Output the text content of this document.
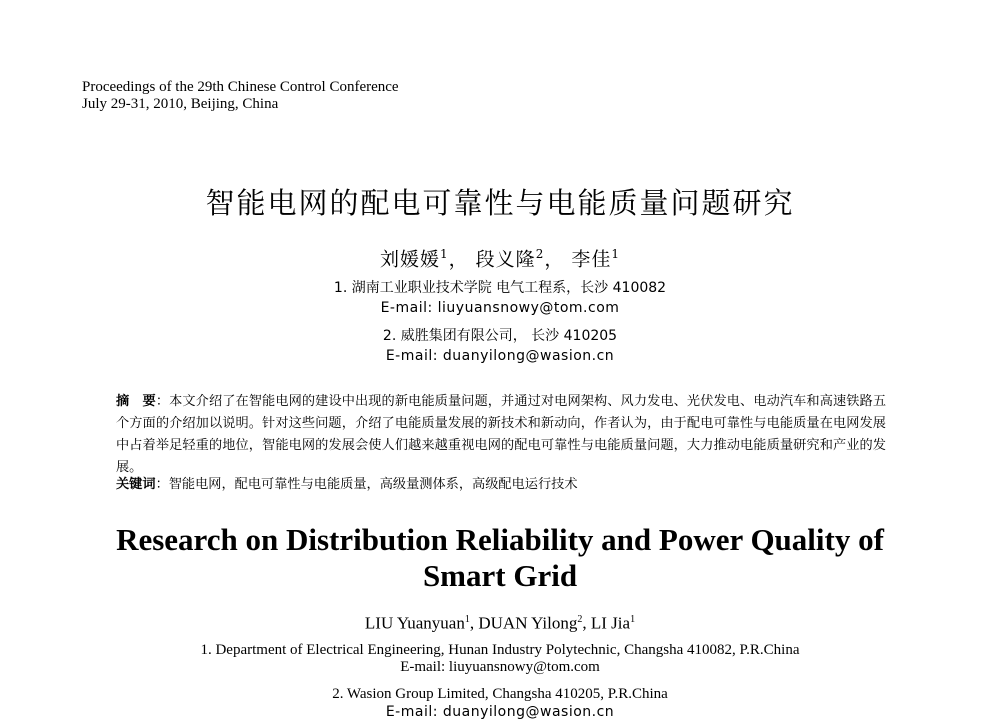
Proceedings of the 29th Chinese Control Conference
July 29-31, 2010, Beijing, China
智能电网的配电可靠性与电能质量问题研究
刘媛媛$^1$， 段义隆$^2$， 李佳$^1$
1. 湖南工业职业技术学院 电气工程系，长沙 410082
E-mail: liuyuansnowy@tom.com
2. 威胜集团有限公司， 长沙 410205
E-mail: duanyilong@wasion.cn
摘　要：本文介绍了在智能电网的建设中出现的新电能质量问题，并通过对电网架构、风力发电、光伏发电、电动汽车和高速铁路五个方面的介绍加以说明。针对这些问题，介绍了电能质量发展的新技术和新动向，作者认为，由于配电可靠性与电能质量在电网发展中占着举足轻重的地位，智能电网的发展会使人们越来越重视电网的配电可靠性与电能质量问题，大力推动电能质量研究和产业的发展。
关键词：智能电网，配电可靠性与电能质量，高级量测体系，高级配电运行技术
Research on Distribution Reliability and Power Quality of
Smart Grid
LIU Yuanyuan$^1$, DUAN Yilong$^2$, LI Jia$^1$
1. Department of Electrical Engineering, Hunan Industry Polytechnic, Changsha 410082, P.R.China
E-mail: liuyuansnowy@tom.com
2. Wasion Group Limited, Changsha 410205, P.R.China
E-mail: duanyilong@wasion.cn
